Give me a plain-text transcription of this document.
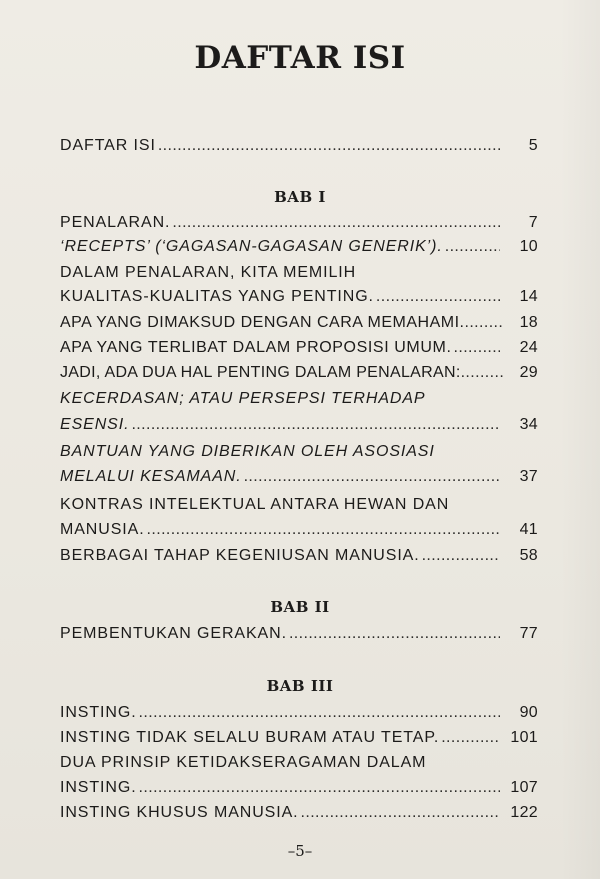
DAFTAR ISI
DAFTAR ISI .....	5
BAB I
PENALARAN. .....	7
‘RECEPTS’ (‘GAGASAN-GAGASAN GENERIK’). .....	10
DALAM PENALARAN, KITA MEMILIH
KUALITAS-KUALITAS YANG PENTING. .....	14
APA YANG DIMAKSUD DENGAN CARA MEMAHAMI. .....	18
APA YANG TERLIBAT DALAM PROPOSISI UMUM. .....	24
JADI, ADA DUA HAL PENTING DALAM PENALARAN: .....	29
KECERDASAN; ATAU PERSEPSI TERHADAP
ESENSI. .....	34
BANTUAN YANG DIBERIKAN OLEH ASOSIASI
MELALUI KESAMAAN. .....	37
KONTRAS INTELEKTUAL ANTARA HEWAN DAN
MANUSIA. .....	41
BERBAGAI TAHAP KEGENIUSAN MANUSIA. .....	58
BAB II
PEMBENTUKAN GERAKAN. .....	77
BAB III
INSTING. .....	90
INSTING TIDAK SELALU BURAM ATAU TETAP. .....	101
DUA PRINSIP KETIDAKSERAGAMAN DALAM
INSTING. .....	107
INSTING KHUSUS MANUSIA. .....	122
–5–
